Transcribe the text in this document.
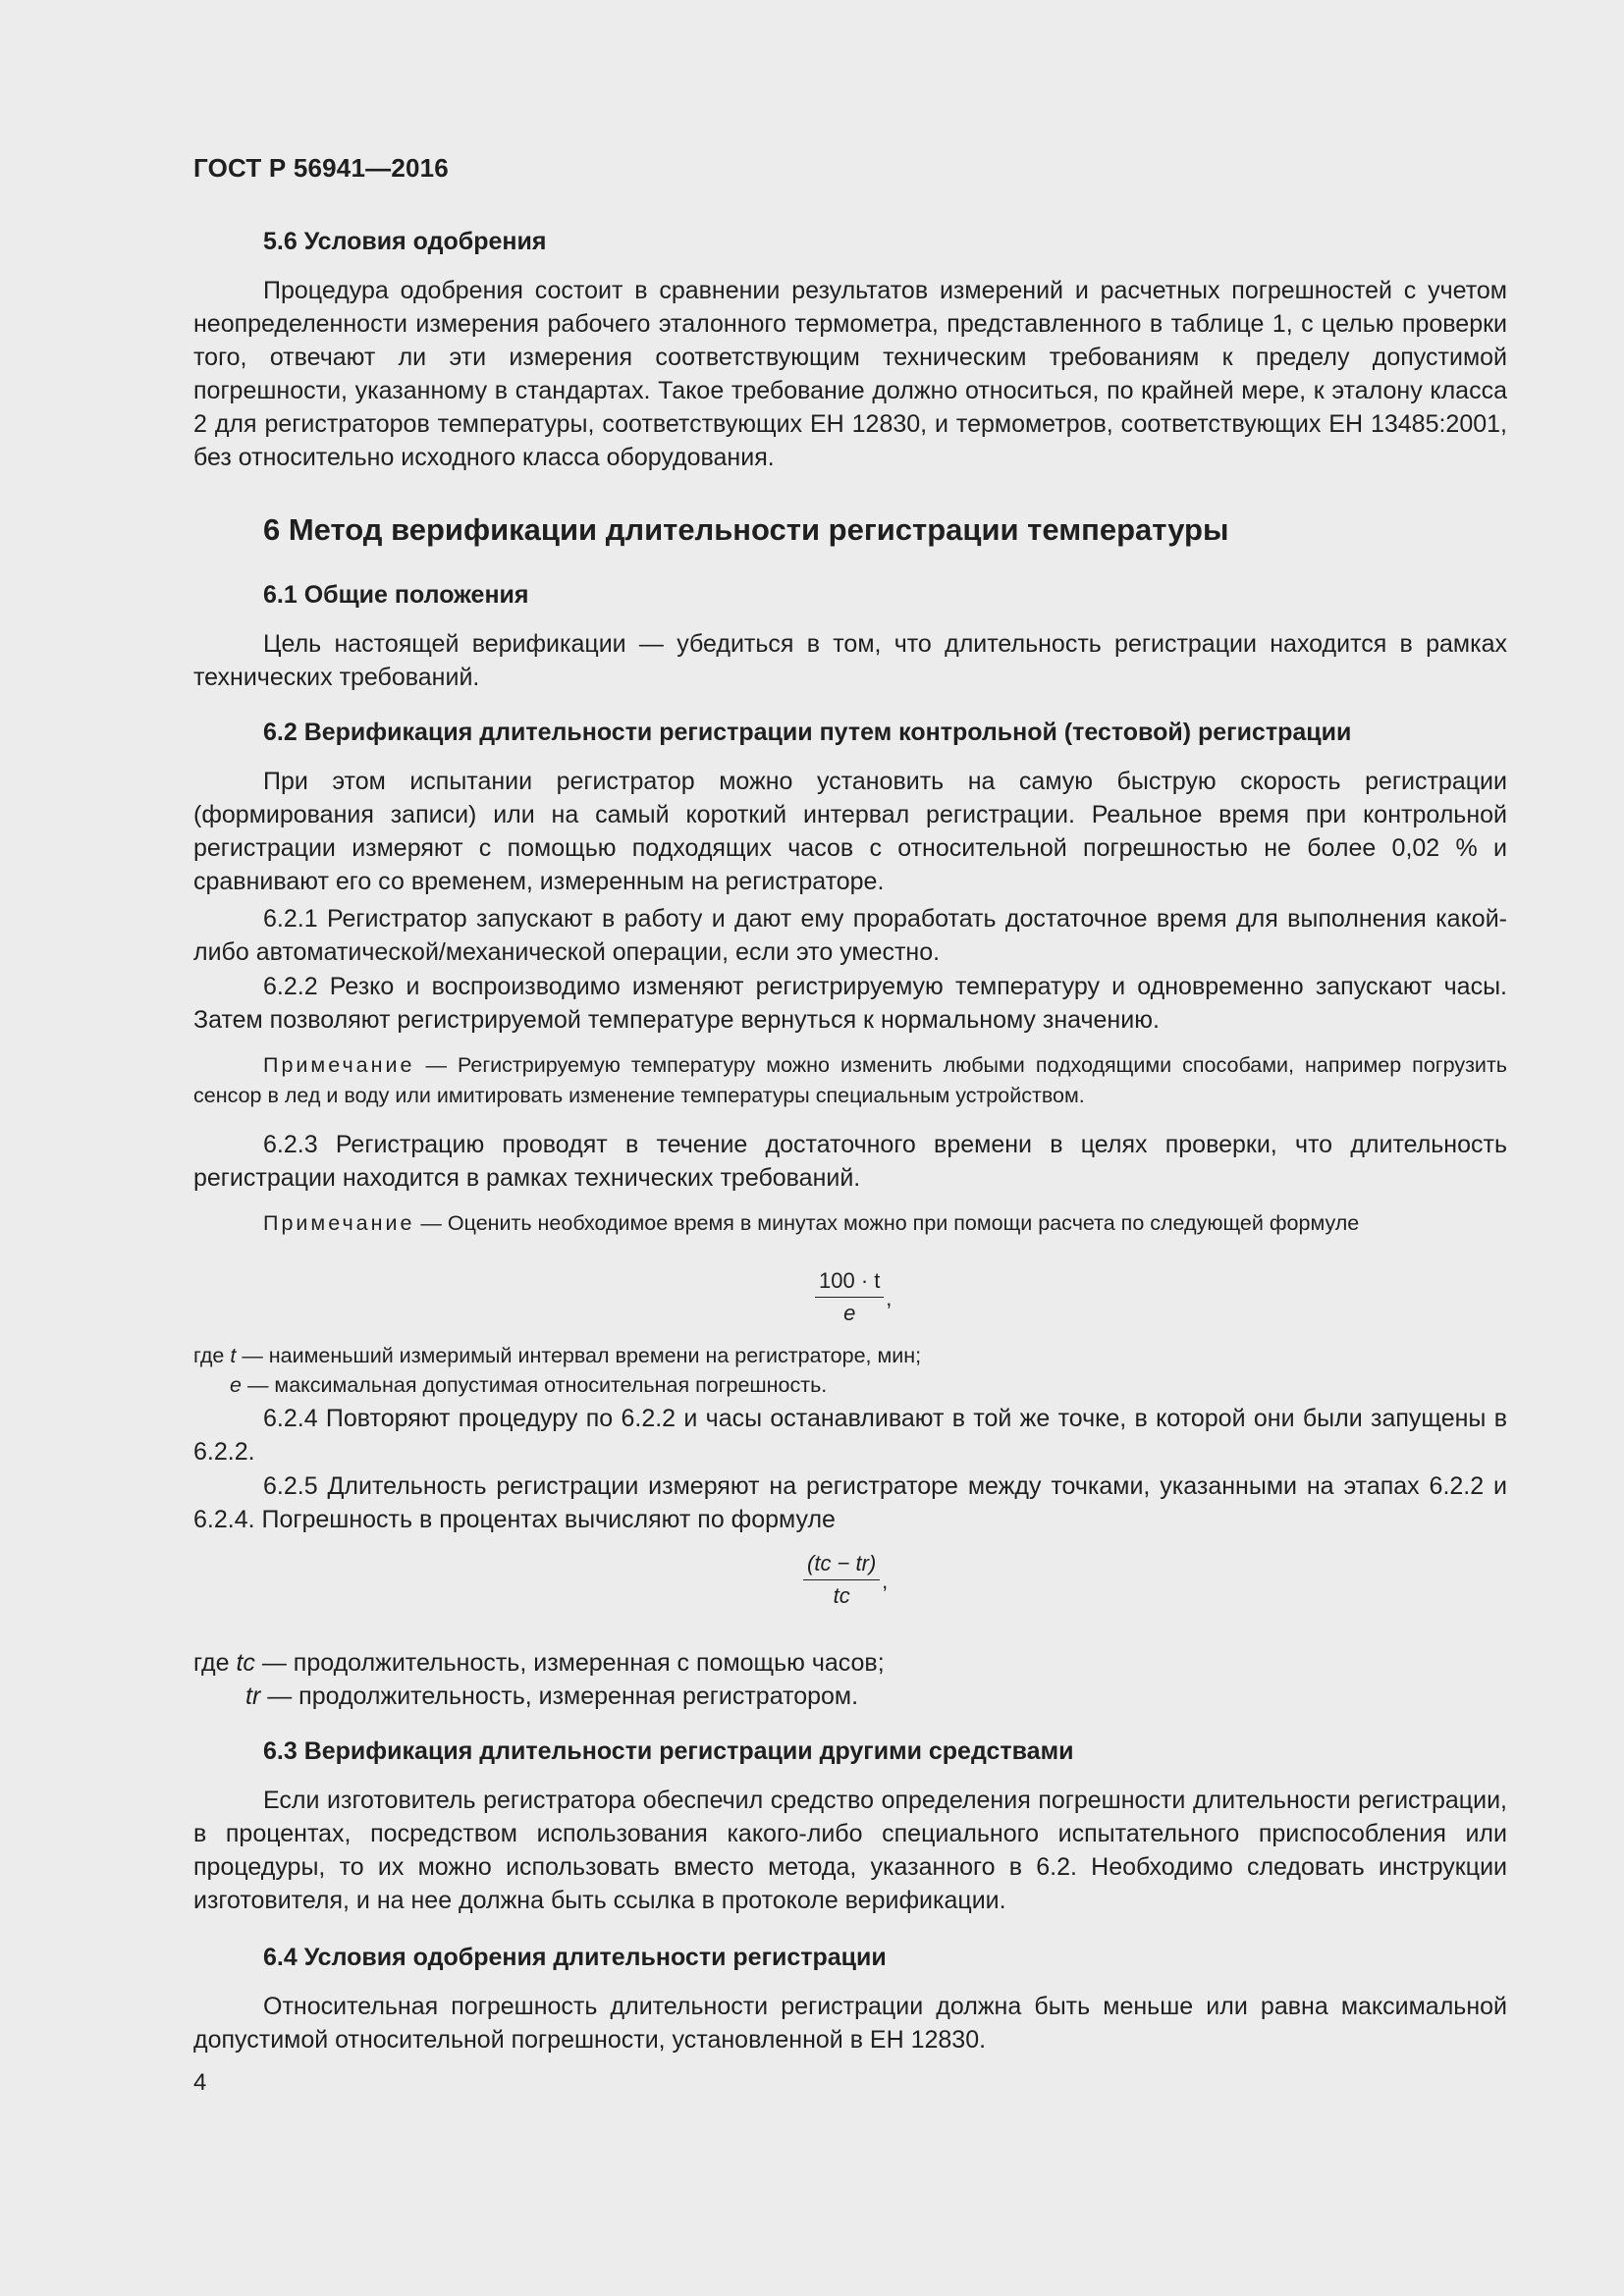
ГОСТ Р 56941—2016
5.6 Условия одобрения

Процедура одобрения состоит в сравнении результатов измерений и расчетных погрешностей с учетом неопределенности измерения рабочего эталонного термометра, представленного в таблице 1, с целью проверки того, отвечают ли эти измерения соответствующим техническим требованиям к пределу допустимой погрешности, указанному в стандартах. Такое требование должно относиться, по крайней мере, к эталону класса 2 для регистраторов температуры, соответствующих ЕН 12830, и термометров, соответствующих ЕН 13485:2001, без относительно исходного класса оборудования.

6 Метод верификации длительности регистрации температуры
6.1 Общие положения

Цель настоящей верификации — убедиться в том, что длительность регистрации находится в рамках технических требований.

6.2 Верификация длительности регистрации путем контрольной (тестовой) регистрации

При этом испытании регистратор можно установить на самую быструю скорость регистрации (формирования записи) или на самый короткий интервал регистрации. Реальное время при контрольной регистрации измеряют с помощью подходящих часов с относительной погрешностью не более 0,02 % и сравнивают его со временем, измеренным на регистраторе.

6.2.1 Регистратор запускают в работу и дают ему проработать достаточное время для выполнения какой-либо автоматической/механической операции, если это уместно.

6.2.2 Резко и воспроизводимо изменяют регистрируемую температуру и одновременно запускают часы. Затем позволяют регистрируемой температуре вернуться к нормальному значению.

Примечание — Регистрируемую температуру можно изменить любыми подходящими способами, например погрузить сенсор в лед и воду или имитировать изменение температуры специальным устройством.

6.2.3 Регистрацию проводят в течение достаточного времени в целях проверки, что длительность регистрации находится в рамках технических требований.

Примечание — Оценить необходимое время в минутах можно при помощи расчета по следующей формуле

100 · t
e
,
где t — наименьший измеримый интервал времени на регистраторе, мин;
e — максимальная допустимая относительная погрешность.

6.2.4 Повторяют процедуру по 6.2.2 и часы останавливают в той же точке, в которой они были запущены в 6.2.2.

6.2.5 Длительность регистрации измеряют на регистраторе между точками, указанными на этапах 6.2.2 и 6.2.4. Погрешность в процентах вычисляют по формуле

(tc − tr)
tc
,
где tc — продолжительность, измеренная с помощью часов;
tr — продолжительность, измеренная регистратором.
6.3 Верификация длительности регистрации другими средствами

Если изготовитель регистратора обеспечил средство определения погрешности длительности регистрации, в процентах, посредством использования какого-либо специального испытательного приспособления или процедуры, то их можно использовать вместо метода, указанного в 6.2. Необходимо следовать инструкции изготовителя, и на нее должна быть ссылка в протоколе верификации.

6.4 Условия одобрения длительности регистрации

Относительная погрешность длительности регистрации должна быть меньше или равна максимальной допустимой относительной погрешности, установленной в ЕН 12830.

4
